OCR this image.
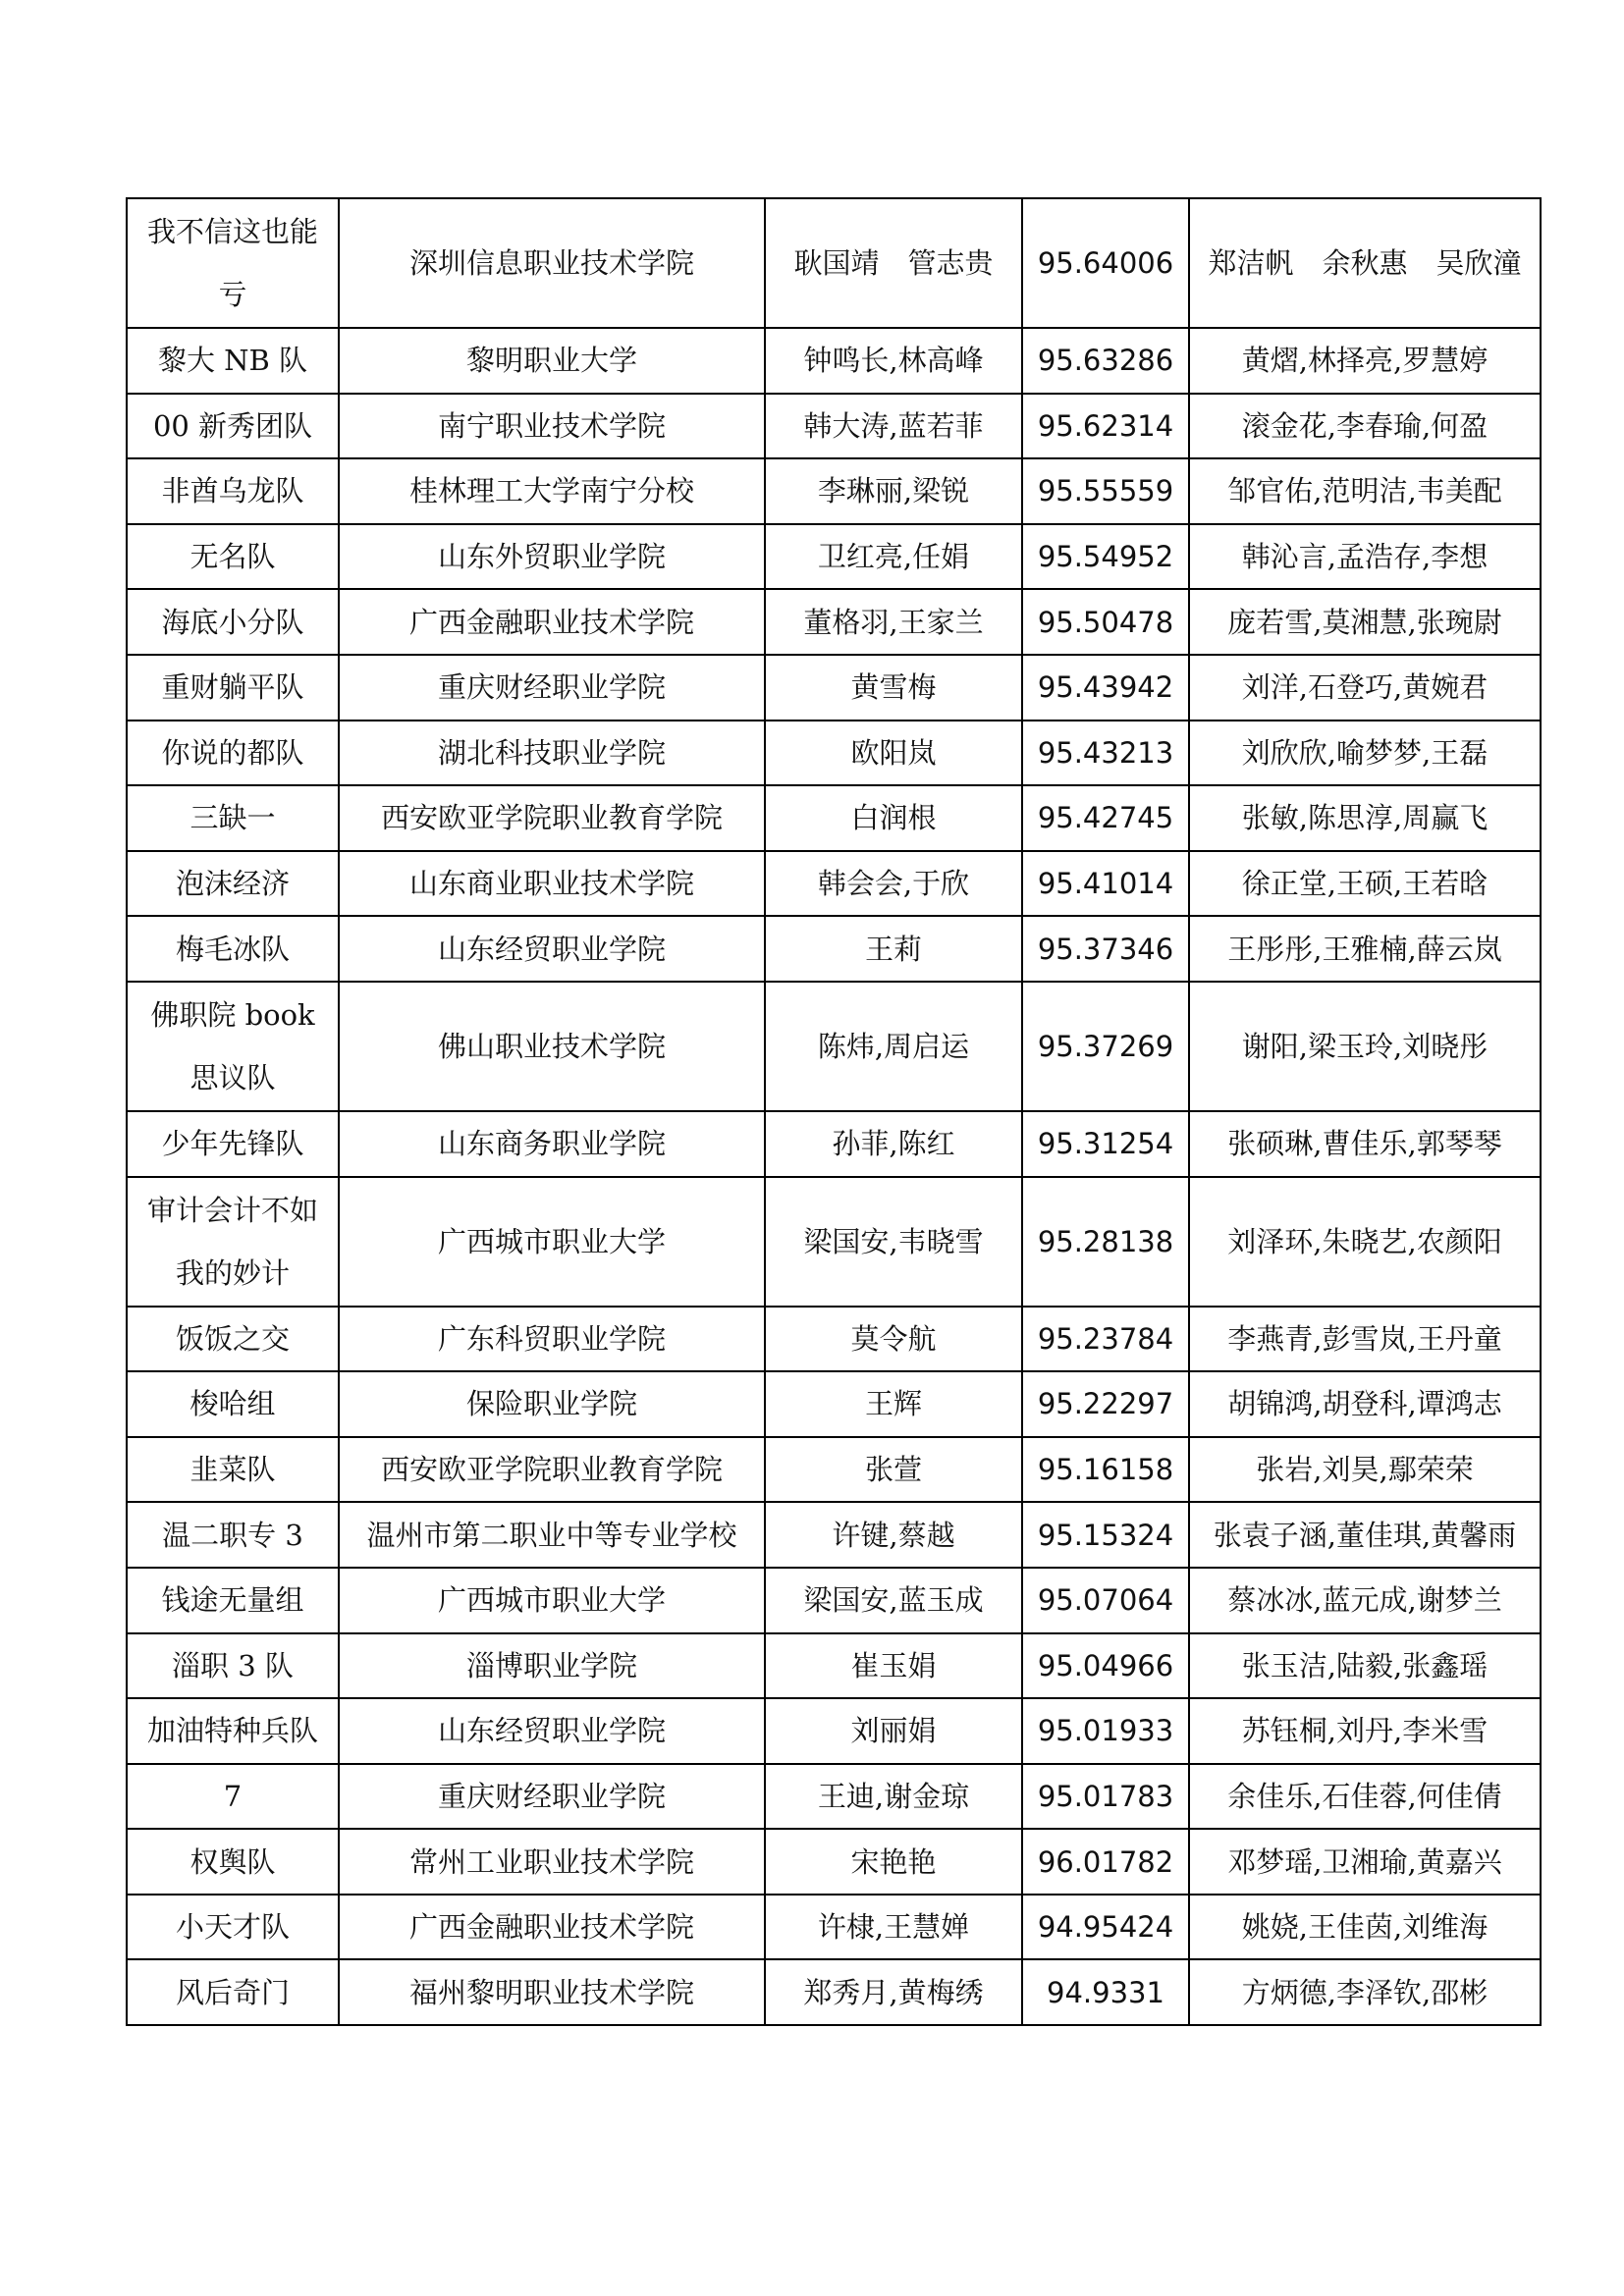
我不信这也能亏	深圳信息职业技术学院	耿国靖　管志贵	95.64006	郑洁帆　余秋惠　吴欣潼
黎大 NB 队	黎明职业大学	钟鸣长,林高峰	95.63286	黄熠,林择亮,罗慧婷
00 新秀团队	南宁职业技术学院	韩大涛,蓝若菲	95.62314	滚金花,李春瑜,何盈
非酋乌龙队	桂林理工大学南宁分校	李琳丽,梁锐	95.55559	邹官佑,范明洁,韦美配
无名队	山东外贸职业学院	卫红亮,任娟	95.54952	韩沁言,孟浩存,李想
海底小分队	广西金融职业技术学院	董格羽,王家兰	95.50478	庞若雪,莫湘慧,张琬尉
重财躺平队	重庆财经职业学院	黄雪梅	95.43942	刘洋,石登巧,黄婉君
你说的都队	湖北科技职业学院	欧阳岚	95.43213	刘欣欣,喻梦梦,王磊
三缺一	西安欧亚学院职业教育学院	白润根	95.42745	张敏,陈思淳,周赢飞
泡沫经济	山东商业职业技术学院	韩会会,于欣	95.41014	徐正堂,王硕,王若晗
梅毛冰队	山东经贸职业学院	王莉	95.37346	王彤彤,王雅楠,薛云岚
佛职院 book 思议队	佛山职业技术学院	陈炜,周启运	95.37269	谢阳,梁玉玲,刘晓彤
少年先锋队	山东商务职业学院	孙菲,陈红	95.31254	张硕琳,曹佳乐,郭琴琴
审计会计不如我的妙计	广西城市职业大学	梁国安,韦晓雪	95.28138	刘泽环,朱晓艺,农颜阳
饭饭之交	广东科贸职业学院	莫令航	95.23784	李燕青,彭雪岚,王丹童
梭哈组	保险职业学院	王辉	95.22297	胡锦鸿,胡登科,谭鸿志
韭菜队	西安欧亚学院职业教育学院	张萱	95.16158	张岩,刘昊,鄢荣荣
温二职专 3	温州市第二职业中等专业学校	许键,蔡越	95.15324	张袁子涵,董佳琪,黄馨雨
钱途无量组	广西城市职业大学	梁国安,蓝玉成	95.07064	蔡冰冰,蓝元成,谢梦兰
淄职 3 队	淄博职业学院	崔玉娟	95.04966	张玉洁,陆毅,张鑫瑶
加油特种兵队	山东经贸职业学院	刘丽娟	95.01933	苏钰桐,刘丹,李米雪
7	重庆财经职业学院	王迪,谢金琼	95.01783	余佳乐,石佳蓉,何佳倩
权舆队	常州工业职业技术学院	宋艳艳	96.01782	邓梦瑶,卫湘瑜,黄嘉兴
小天才队	广西金融职业技术学院	许棣,王慧婵	94.95424	姚娆,王佳茵,刘维海
风后奇门	福州黎明职业技术学院	郑秀月,黄梅绣	94.9331	方炳德,李泽钦,邵彬
